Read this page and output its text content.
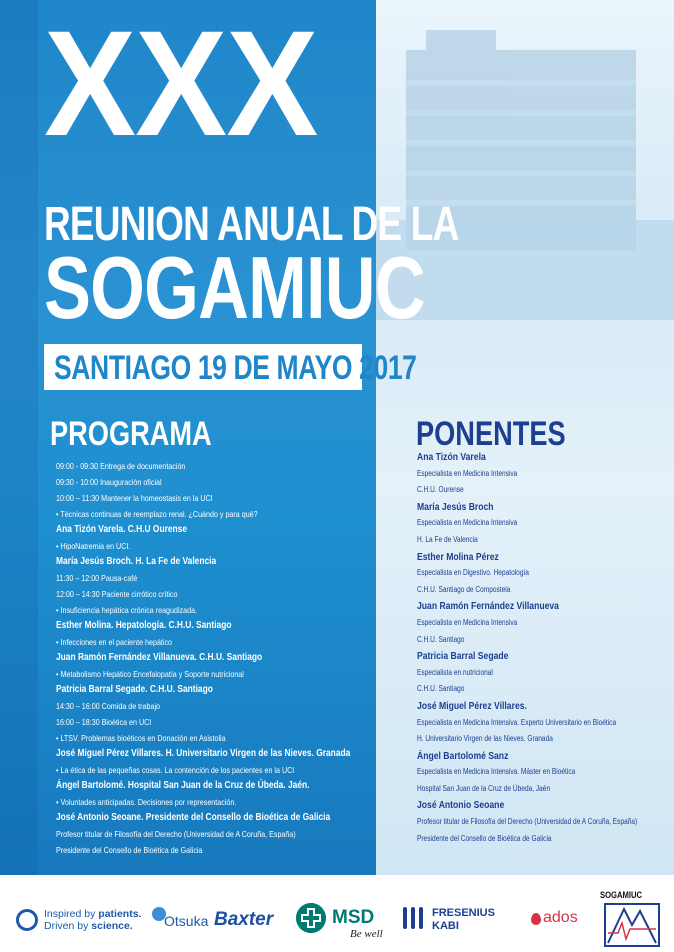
XXX
REUNION ANUAL DE LA
SOGAMIUC
SANTIAGO 19 DE MAYO 2017
PROGRAMA	PONENTES
09:00 - 09:30 Entrega de documentación
09:30 - 10:00 Inauguración oficial
10:00 – 11:30 Mantener la homeostasis en la UCI
• Técnicas continuas de reemplazo renal. ¿Cuándo y para qué?
Ana Tizón Varela. C.H.U Ourense
• HipoNatremia en UCI.
María Jesús Broch. H. La Fe de Valencia
11:30 – 12:00 Pausa-café
12:00 – 14:30 Paciente cirrótico crítico
• Insuficiencia hepática crónica reagudizada.
Esther Molina. Hepatología. C.H.U. Santiago
• Infecciones en el paciente hepático
Juan Ramón Fernández Villanueva. C.H.U. Santiago
• Metabolismo Hepático Encefalopatía y Soporte nutricional
Patricia Barral Segade. C.H.U. Santiago
14:30 – 16:00 Comida de trabajo
16:00 – 18:30 Bioética en UCI
• LTSV. Problemas bioéticos en Donación en Asistolia
José Miguel Pérez Villares. H. Universitario Virgen de las Nieves. Granada
• La ética de las pequeñas cosas. La contención de los pacientes en la UCI
Ángel Bartolomé. Hospital San Juan de la Cruz de Úbeda. Jaén.
• Voluntades anticipadas. Decisiones por representación.
José Antonio Seoane. Presidente del Consello de Bioética de Galicia
Profesor titular de Filosofía del Derecho (Universidad de A Coruña, España)
Presidente del Consello de Bioética de Galicia
Ana Tizón Varela
Especialista en Medicina Intensiva
C.H.U. Ourense
María Jesús Broch
Especialista en Medicina Intensiva
H. La Fe de Valencia
Esther Molina Pérez
Especialista en Digestivo. Hepatología
C.H.U. Santiago de Compostela
Juan Ramón Fernández Villanueva
Especialista en Medicina Intensiva
C.H.U. Santiago
Patricia Barral Segade
Especialista en nutricional
C.H.U. Santiago
José Miguel Pérez Villares.
Especialista en Medicina Intensiva. Experto Universitario en Bioética
H. Universitario Virgen de las Nieves. Granada
Ángel Bartolomé Sanz
Especialista en Medicina Intensiva. Máster en Bioética
Hospital San Juan de la Cruz de Úbeda, Jaén
José Antonio Seoane
Profesor titular de Filosofía del Derecho (Universidad de A Coruña, España)
Presidente del Consello de Bioética de Galicia
Inspired by patients.
Driven by science.	Otsuka Baxter	MSD
Be well
FRESENIUS
KABI	ados
SOGAMIUC
